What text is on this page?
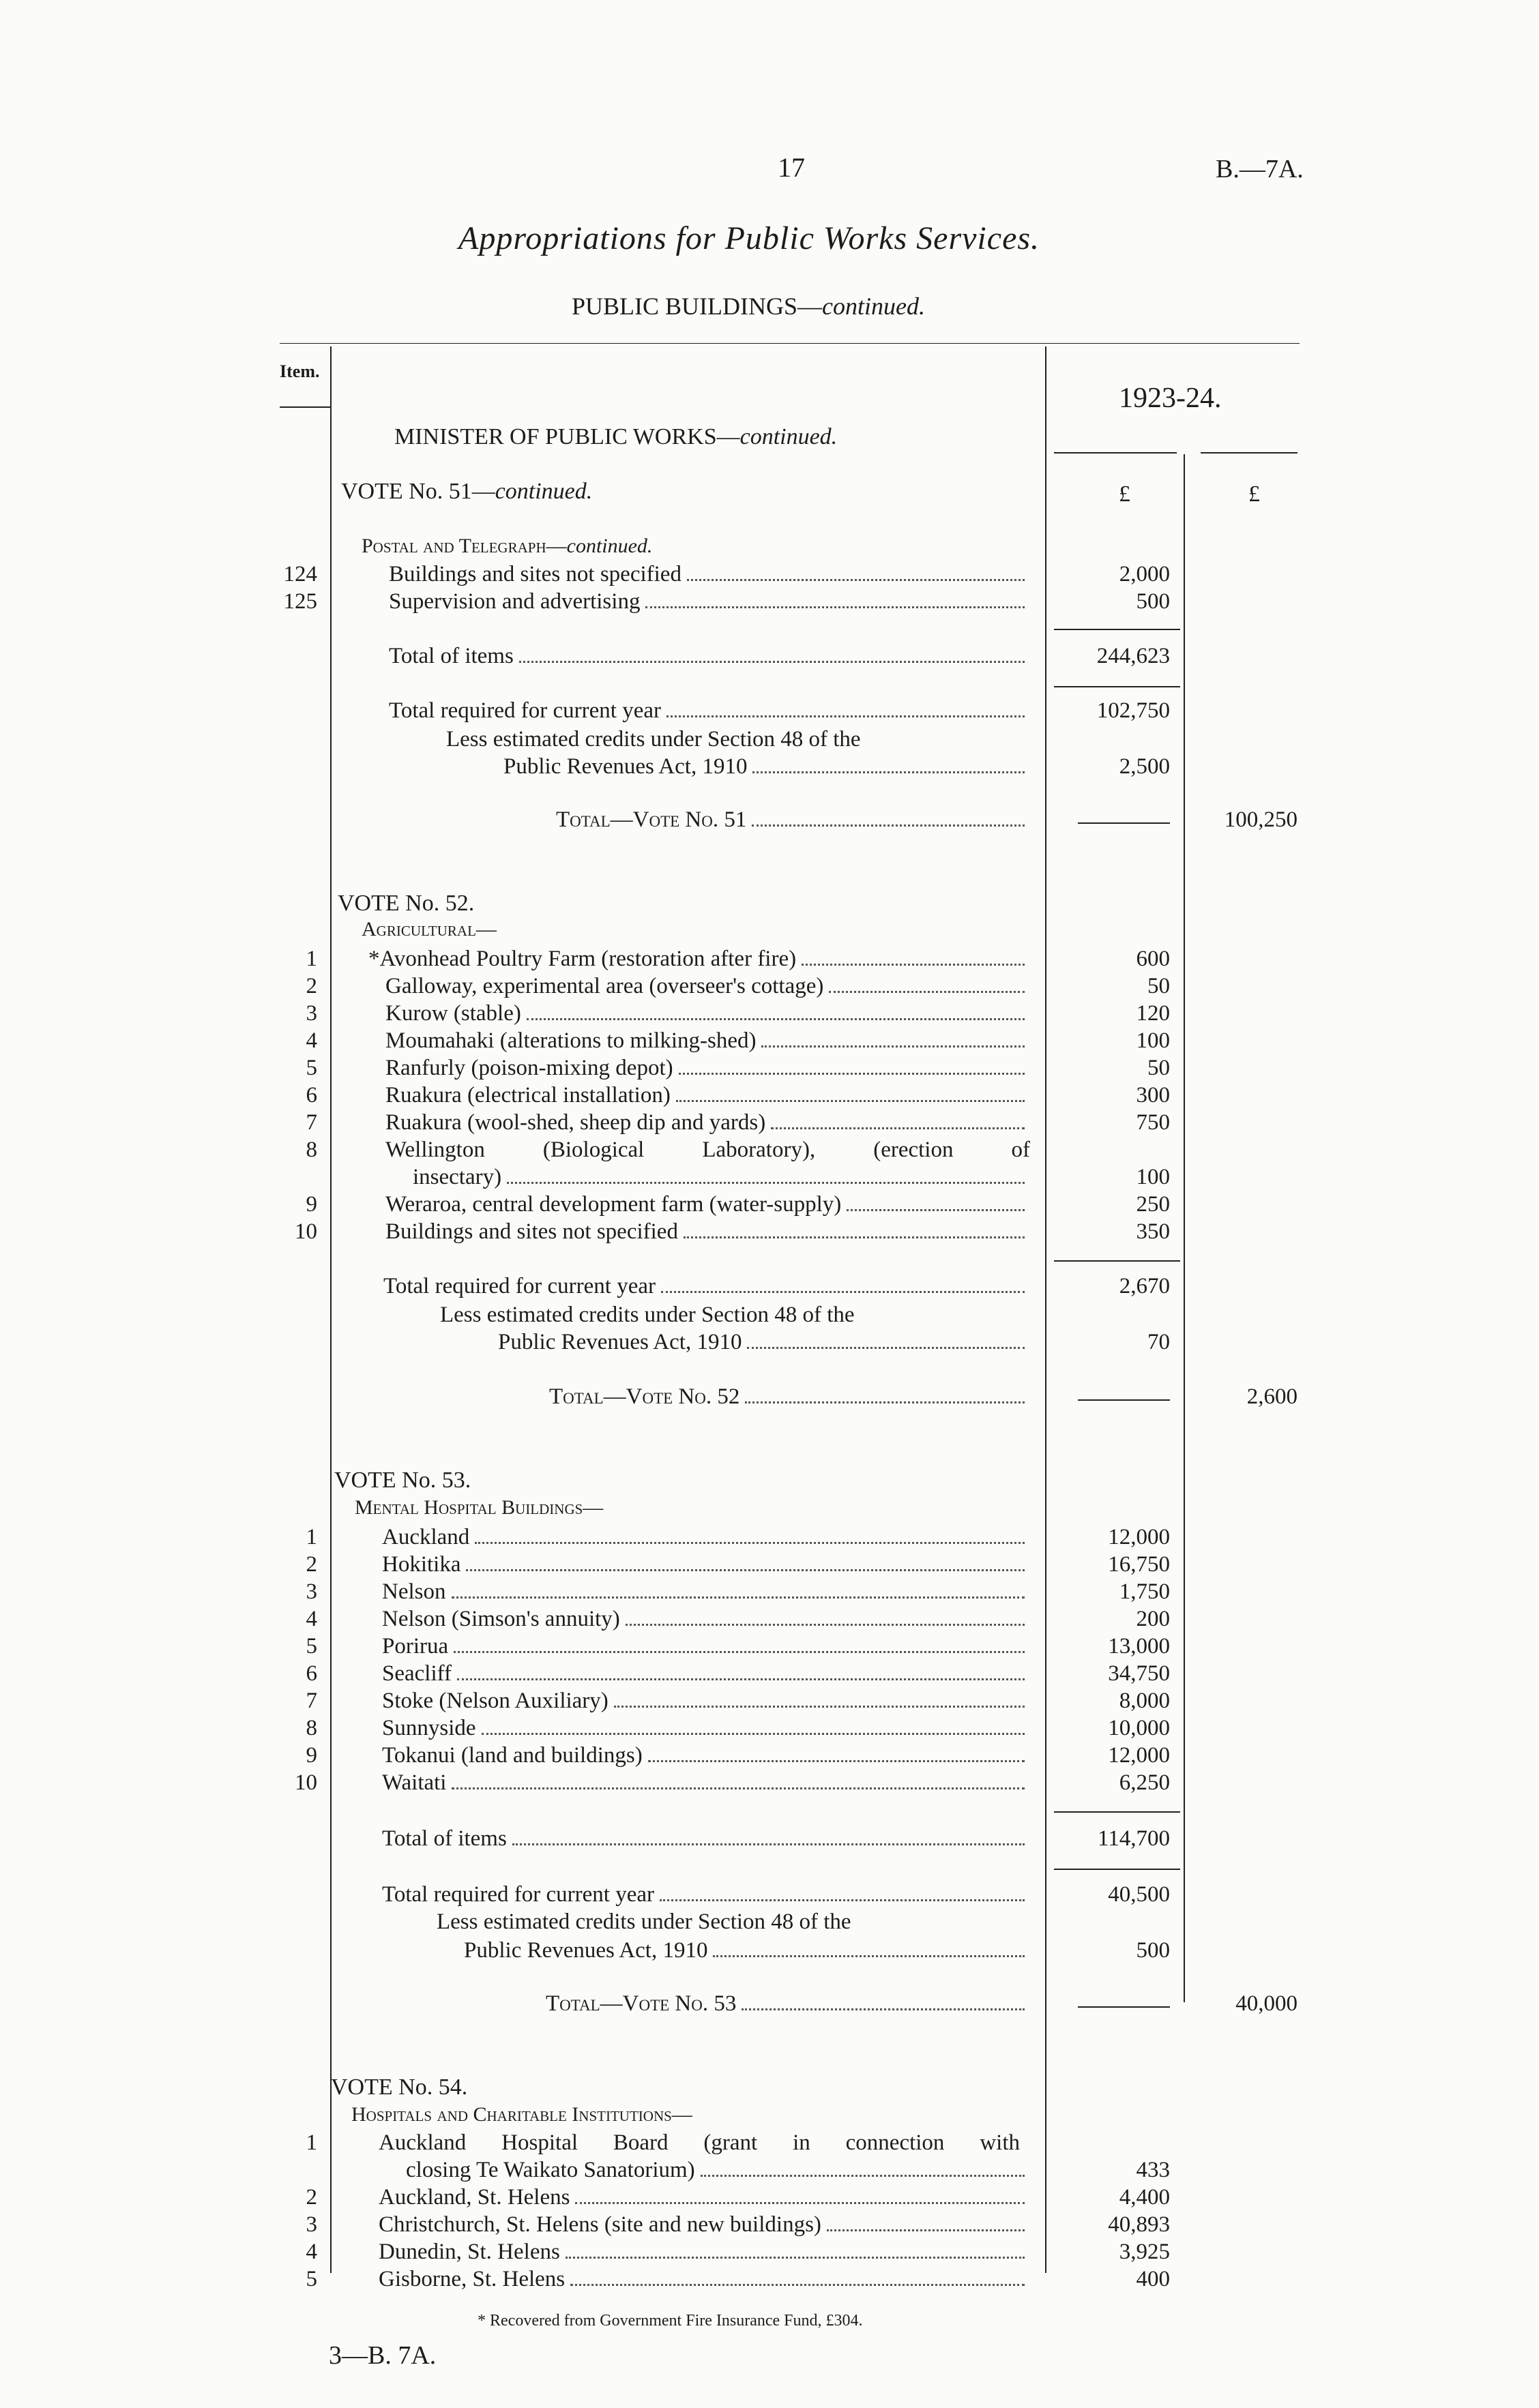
17	B.—7A.
Appropriations for Public Works Services.
PUBLIC BUILDINGS—continued.
Item.
1923-24.
MINISTER OF PUBLIC WORKS—continued.
£	£
VOTE No. 51—continued.
Postal and Telegraph—continued.
124	Buildings and sites not specified	2,000
125	Supervision and advertising	500
Total of items	244,623
Total required for current year	102,750
Less estimated credits under Section 48 of the
Public Revenues Act, 1910	2,500
Total—Vote No. 51	100,250
VOTE No. 52.
Agricultural—
1 *Avonhead Poultry Farm (restoration after fire)	600
2	Galloway, experimental area (overseer's cottage)	50
3	Kurow (stable)	120
4	Moumahaki (alterations to milking-shed)	100
5	Ranfurly (poison-mixing depot)	50
6	Ruakura (electrical installation)	300
7	Ruakura (wool-shed, sheep dip and yards)	750
8	Wellington (Biological Laboratory), (erection of
insectary)	100
9	Weraroa, central development farm (water-supply)	250
10	Buildings and sites not specified	350
Total required for current year	2,670
Less estimated credits under Section 48 of the
Public Revenues Act, 1910	70
Total—Vote No. 52	2,600
VOTE No. 53.
Mental Hospital Buildings—
1	Auckland	12,000
2	Hokitika	16,750
3	Nelson	1,750
4	Nelson (Simson's annuity)	200
5	Porirua	13,000
6	Seacliff	34,750
7	Stoke (Nelson Auxiliary)	8,000
8	Sunnyside	10,000
9	Tokanui (land and buildings)	12,000
10	Waitati	6,250
Total of items	114,700
Total required for current year	40,500
Less estimated credits under Section 48 of the
Public Revenues Act, 1910	500
Total—Vote No. 53	40,000
VOTE No. 54.
Hospitals and Charitable Institutions—
1	Auckland Hospital Board (grant in connection with
closing Te Waikato Sanatorium)	433
2	Auckland, St. Helens	4,400
3	Christchurch, St. Helens (site and new buildings)	40,893
4	Dunedin, St. Helens	3,925
5	Gisborne, St. Helens	400
* Recovered from Government Fire Insurance Fund, £304.
3—B. 7A.
